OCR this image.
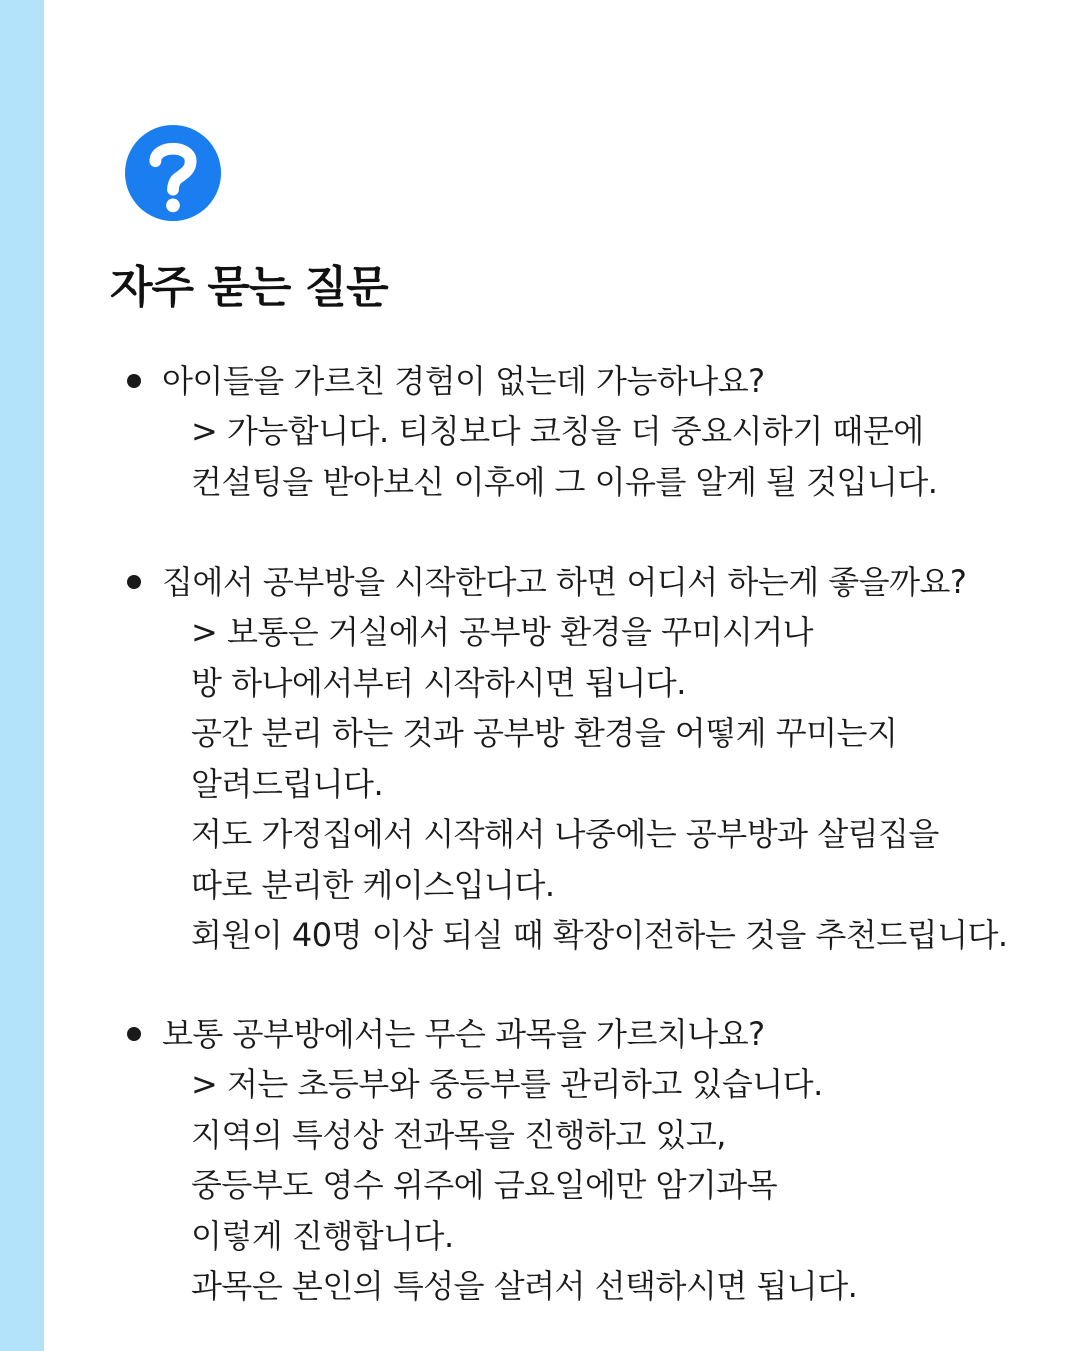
자주 묻는 질문
아이들을 가르친 경험이 없는데 가능하나요?
> 가능합니다. 티칭보다 코칭을 더 중요시하기 때문에
컨설팅을 받아보신 이후에 그 이유를 알게 될 것입니다.
집에서 공부방을 시작한다고 하면 어디서 하는게 좋을까요?
> 보통은 거실에서 공부방 환경을 꾸미시거나
방 하나에서부터 시작하시면 됩니다.
공간 분리 하는 것과 공부방 환경을 어떻게 꾸미는지
알려드립니다.
저도 가정집에서 시작해서 나중에는 공부방과 살림집을
따로 분리한 케이스입니다.
회원이 40명 이상 되실 때 확장이전하는 것을 추천드립니다.
보통 공부방에서는 무슨 과목을 가르치나요?
> 저는 초등부와 중등부를 관리하고 있습니다.
지역의 특성상 전과목을 진행하고 있고,
중등부도 영수 위주에 금요일에만 암기과목
이렇게 진행합니다.
과목은 본인의 특성을 살려서 선택하시면 됩니다.
